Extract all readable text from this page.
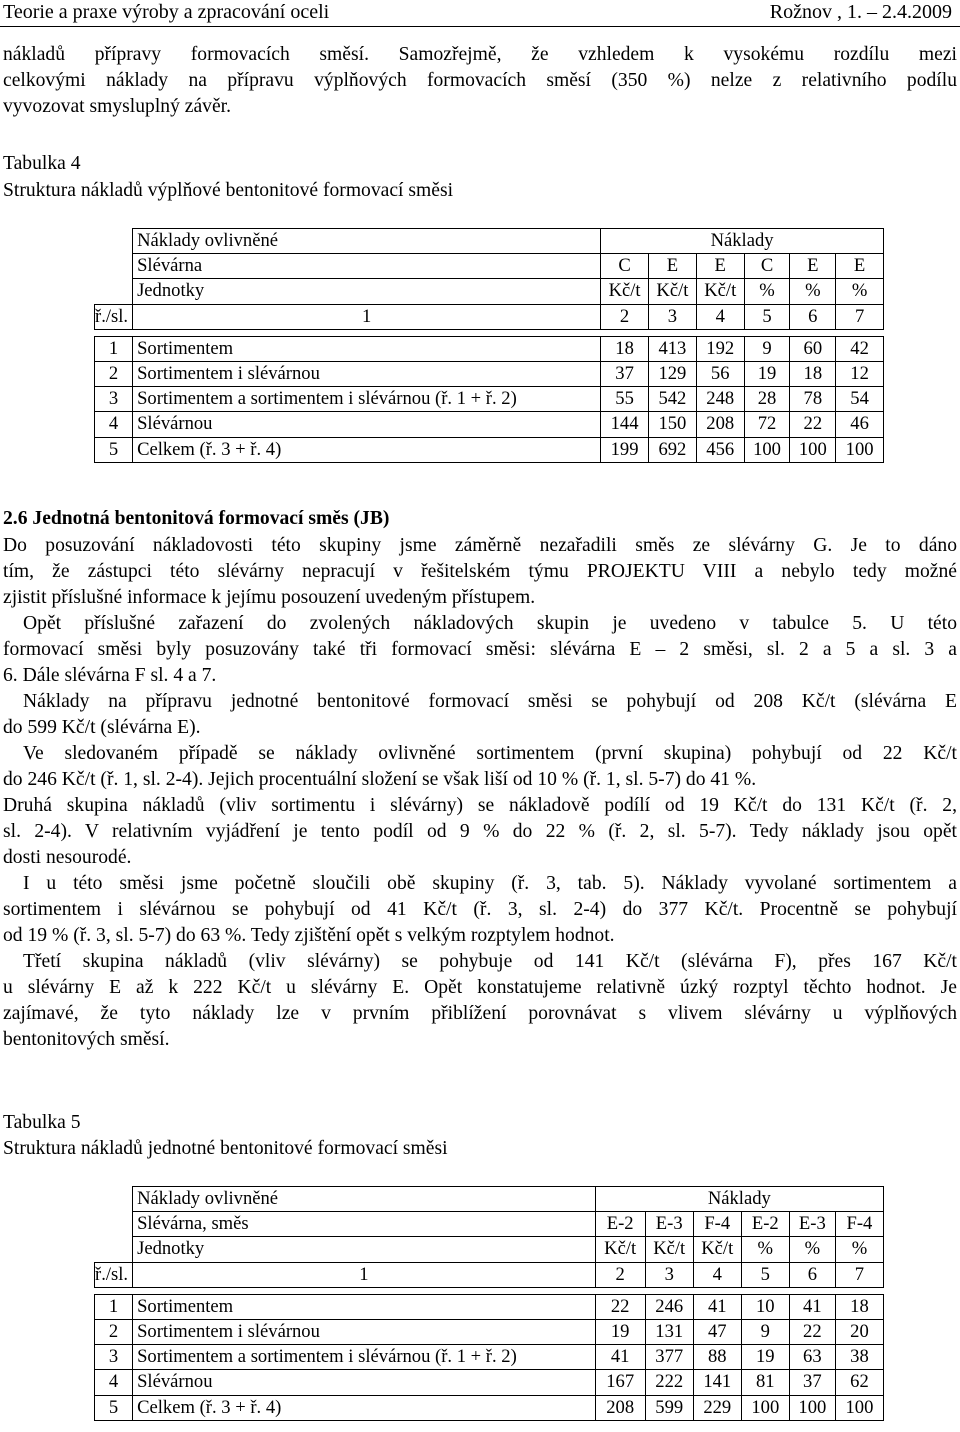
Teorie a praxe výroby a zpracování oceli	Rožnov , 1. – 2.4.2009
nákladů přípravy formovacích směsí. Samozřejmě, že vzhledem k vysokému rozdílu mezi
celkovými náklady na přípravu výplňových formovacích směsí (350 %) nelze z relativního podílu
vyvozovat smysluplný závěr.
Tabulka 4
Struktura nákladů výplňové bentonitové formovací směsi
	Náklady ovlivněné	Náklady					
	Slévárna	C	E	E	C	E	E
	Jednotky	Kč/t	Kč/t	Kč/t	%	%	%
ř./sl.	1	2	3	4	5	6	7

1	Sortimentem	18	413	192	9	60	42
2	Sortimentem i slévárnou	37	129	56	19	18	12
3	Sortimentem a sortimentem i slévárnou (ř. 1 + ř. 2)	55	542	248	28	78	54
4	Slévárnou	144	150	208	72	22	46
5	Celkem (ř. 3 + ř. 4)	199	692	456	100	100	100
2.6 Jednotná bentonitová formovací směs (JB)
Do posuzování nákladovosti této skupiny jsme záměrně nezařadili směs ze slévárny G. Je to dáno
tím, že zástupci této slévárny nepracují v řešitelském týmu PROJEKTU VIII a nebylo tedy možné
zjistit příslušné informace k jejímu posouzení uvedeným přístupem.
Opět příslušné zařazení do zvolených nákladových skupin je uvedeno v tabulce 5. U této
formovací směsi byly posuzovány také tři formovací směsi: slévárna E – 2 směsi, sl. 2 a 5 a sl. 3 a
6. Dále slévárna F sl. 4 a 7.
Náklady na přípravu jednotné bentonitové formovací směsi se pohybují od 208 Kč/t (slévárna E
do 599 Kč/t (slévárna E).
Ve sledovaném případě se náklady ovlivněné sortimentem (první skupina) pohybují od 22 Kč/t
do 246 Kč/t (ř. 1, sl. 2-4). Jejich procentuální složení se však liší od 10 % (ř. 1, sl. 5-7) do 41 %.
Druhá skupina nákladů (vliv sortimentu i slévárny) se nákladově podílí od 19 Kč/t do 131 Kč/t (ř. 2,
sl. 2-4). V relativním vyjádření je tento podíl od 9 % do 22 % (ř. 2, sl. 5-7). Tedy náklady jsou opět
dosti nesourodé.
I u této směsi jsme početně sloučili obě skupiny (ř. 3, tab. 5). Náklady vyvolané sortimentem a
sortimentem i slévárnou se pohybují od 41 Kč/t (ř. 3, sl. 2-4) do 377 Kč/t. Procentně se pohybují
od 19 % (ř. 3, sl. 5-7) do 63 %. Tedy zjištění opět s velkým rozptylem hodnot.
Třetí skupina nákladů (vliv slévárny) se pohybuje od 141 Kč/t (slévárna F), přes 167 Kč/t
u slévárny E až k 222 Kč/t u slévárny E. Opět konstatujeme relativně úzký rozptyl těchto hodnot. Je
zajímavé, že tyto náklady lze v prvním přiblížení porovnávat s vlivem slévárny u výplňových
bentonitových směsí.
Tabulka 5
Struktura nákladů jednotné bentonitové formovací směsi
	Náklady ovlivněné	Náklady					
	Slévárna, směs	E-2	E-3	F-4	E-2	E-3	F-4
	Jednotky	Kč/t	Kč/t	Kč/t	%	%	%
ř./sl.	1	2	3	4	5	6	7

1	Sortimentem	22	246	41	10	41	18
2	Sortimentem i slévárnou	19	131	47	9	22	20
3	Sortimentem a sortimentem i slévárnou (ř. 1 + ř. 2)	41	377	88	19	63	38
4	Slévárnou	167	222	141	81	37	62
5	Celkem (ř. 3 + ř. 4)	208	599	229	100	100	100
